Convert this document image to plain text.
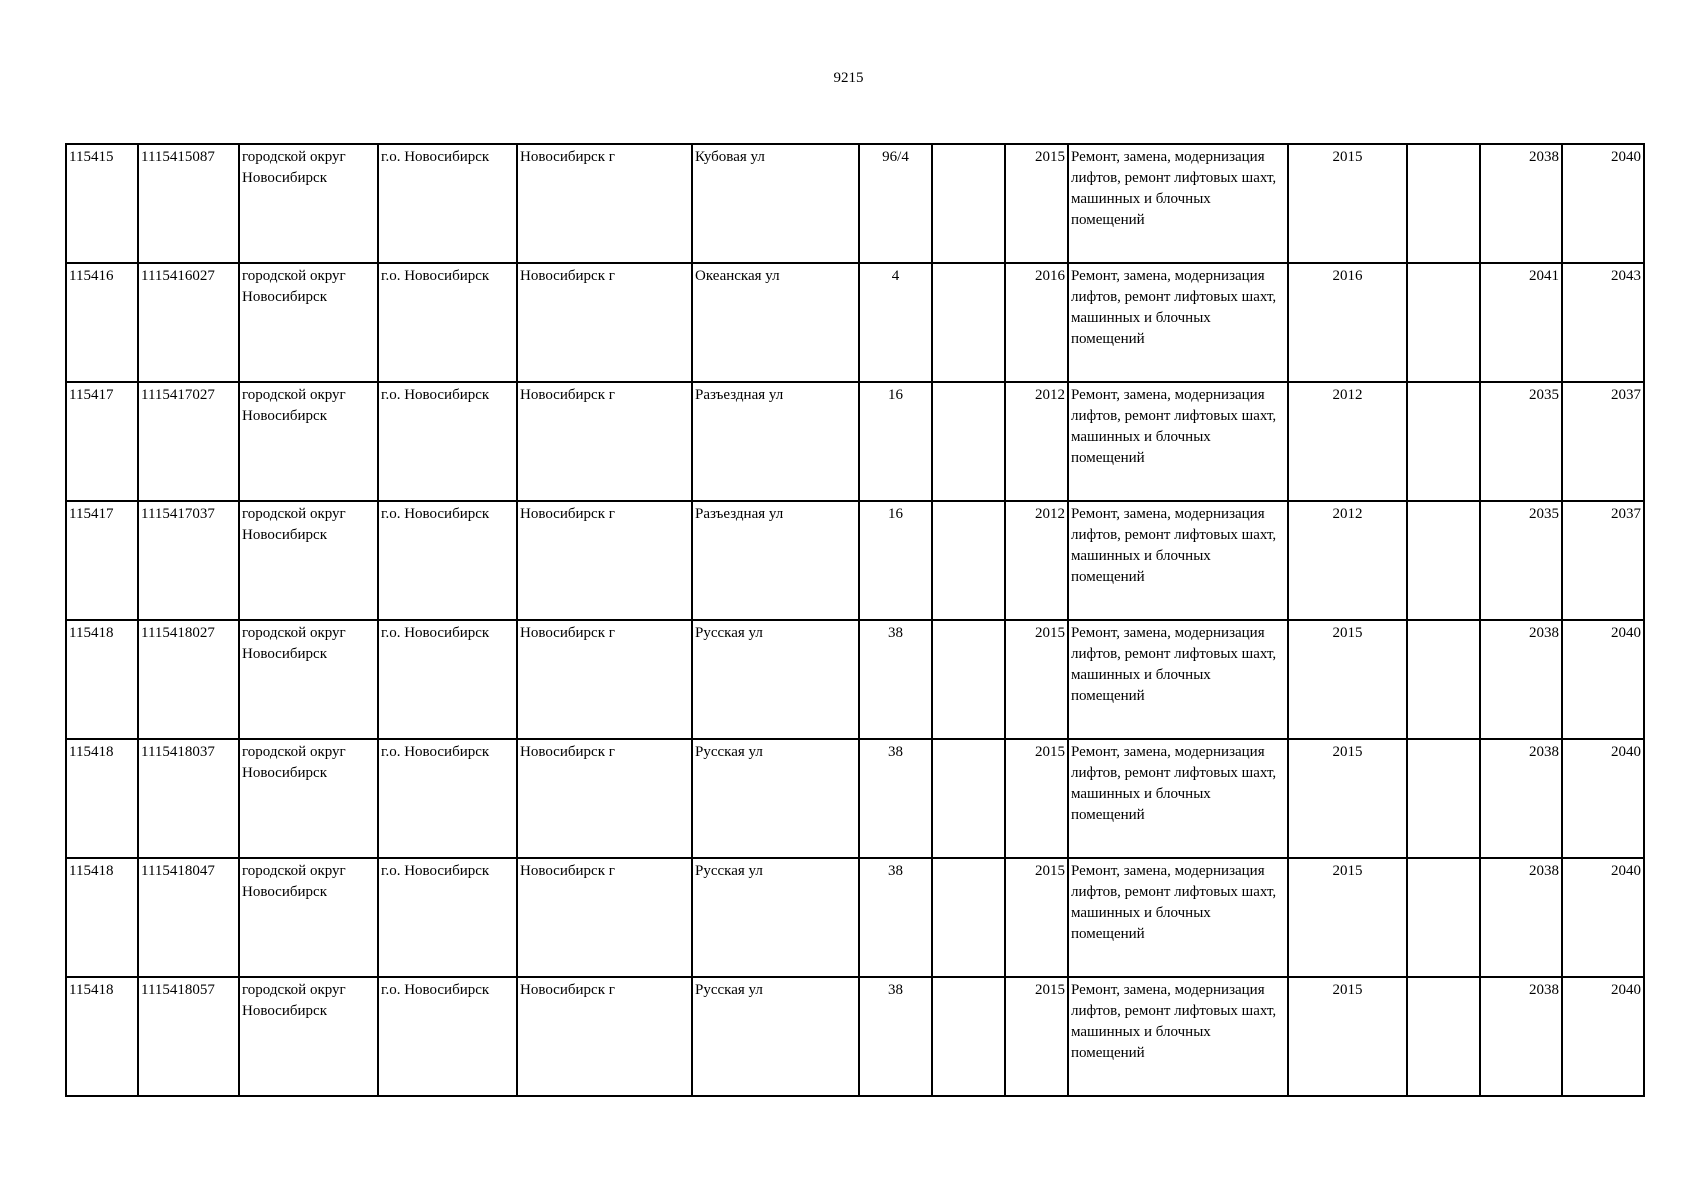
9215
115415	1115415087	городской округ Новосибирск	г.о. Новосибирск	Новосибирск г	Кубовая ул	96/4		2015	Ремонт, замена, модернизация лифтов, ремонт лифтовых шахт, машинных и блочных помещений	2015		2038	2040
115416	1115416027	городской округ Новосибирск	г.о. Новосибирск	Новосибирск г	Океанская ул	4		2016	Ремонт, замена, модернизация лифтов, ремонт лифтовых шахт, машинных и блочных помещений	2016		2041	2043
115417	1115417027	городской округ Новосибирск	г.о. Новосибирск	Новосибирск г	Разъездная ул	16		2012	Ремонт, замена, модернизация лифтов, ремонт лифтовых шахт, машинных и блочных помещений	2012		2035	2037
115417	1115417037	городской округ Новосибирск	г.о. Новосибирск	Новосибирск г	Разъездная ул	16		2012	Ремонт, замена, модернизация лифтов, ремонт лифтовых шахт, машинных и блочных помещений	2012		2035	2037
115418	1115418027	городской округ Новосибирск	г.о. Новосибирск	Новосибирск г	Русская ул	38		2015	Ремонт, замена, модернизация лифтов, ремонт лифтовых шахт, машинных и блочных помещений	2015		2038	2040
115418	1115418037	городской округ Новосибирск	г.о. Новосибирск	Новосибирск г	Русская ул	38		2015	Ремонт, замена, модернизация лифтов, ремонт лифтовых шахт, машинных и блочных помещений	2015		2038	2040
115418	1115418047	городской округ Новосибирск	г.о. Новосибирск	Новосибирск г	Русская ул	38		2015	Ремонт, замена, модернизация лифтов, ремонт лифтовых шахт, машинных и блочных помещений	2015		2038	2040
115418	1115418057	городской округ Новосибирск	г.о. Новосибирск	Новосибирск г	Русская ул	38		2015	Ремонт, замена, модернизация лифтов, ремонт лифтовых шахт, машинных и блочных помещений	2015		2038	2040
